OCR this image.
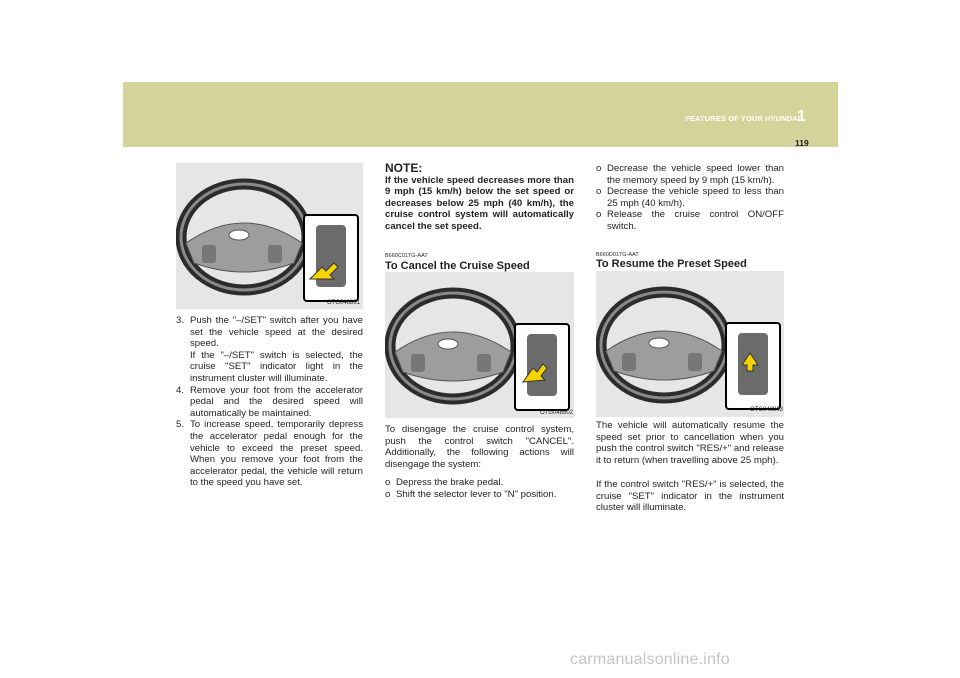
FEATURES OF YOUR HYUNDAI
1
119
OTG048801
3. Push the "–/SET" switch after you have set the vehicle speed at the desired speed.
If the "–/SET" switch is selected, the cruise "SET" indicator light in the instrument cluster will illuminate.
4. Remove your foot from the accelerator pedal and the desired speed will automatically be maintained.
5. To increase speed, temporarily depress the accelerator pedal enough for the vehicle to exceed the preset speed. When you remove your foot from the accelerator pedal, the vehicle will return to the speed you have set.
NOTE:
If the vehicle speed decreases more than 9 mph (15 km/h) below the set speed or decreases below 25 mph (40 km/h), the cruise control system will automatically cancel the set speed.
B660C01TG-AAT
To Cancel the Cruise Speed
OTG048802
To disengage the cruise control system, push the control switch "CANCEL". Additionally, the following actions will disengage the system:
o Depress the brake pedal.
o Shift the selector lever to "N" position.
o Decrease the vehicle speed lower than the memory speed by 9 mph (15 km/h).
o Decrease the vehicle speed to less than 25 mph (40 km/h).
o Release the cruise control ON/OFF switch.
B660D01TG-AAT
To Resume the Preset Speed
OTG048803
The vehicle will automatically resume the speed set prior to cancellation when you push the control switch "RES/+" and release it to return (when travelling above 25 mph).
If the control switch "RES/+" is selected, the cruise "SET" indicator in the instrument cluster will illuminate.
carmanualsonline.info
